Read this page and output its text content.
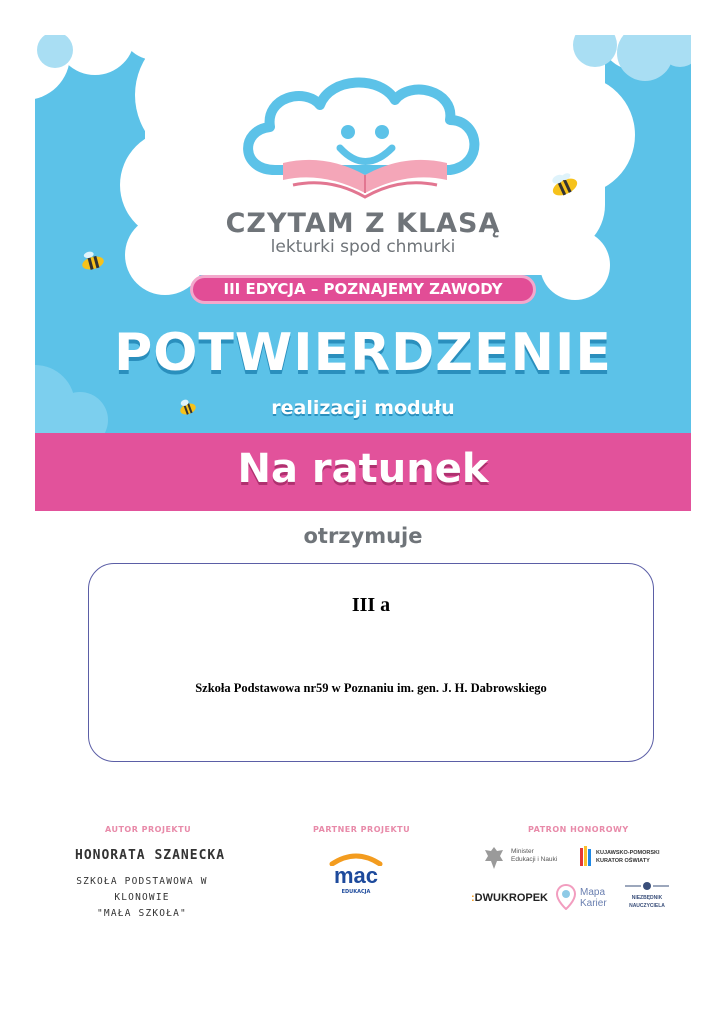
CZYTAM Z KLASĄ
lekturki spod chmurki
III EDYCJA – POZNAJEMY ZAWODY
POTWIERDZENIE
realizacji modułu
Na ratunek
otrzymuje
III a
Szkoła Podstawowa nr59 w Poznaniu im. gen. J. H. Dabrowskiego
AUTOR PROJEKTU
HONORATA SZANECKA
SZKOŁA PODSTAWOWA W KLONOWIE
"MAŁA SZKOŁA"
PARTNER PROJEKTU
mac
EDUKACJA
PATRON HONOROWY
Minister
Edukacji i Nauki
KUJAWSKO-POMORSKI
KURATOR OŚWIATY
:DWUKROPEK	Mapa
Karier	NIEZBĘDNIK
NAUCZYCIELA
